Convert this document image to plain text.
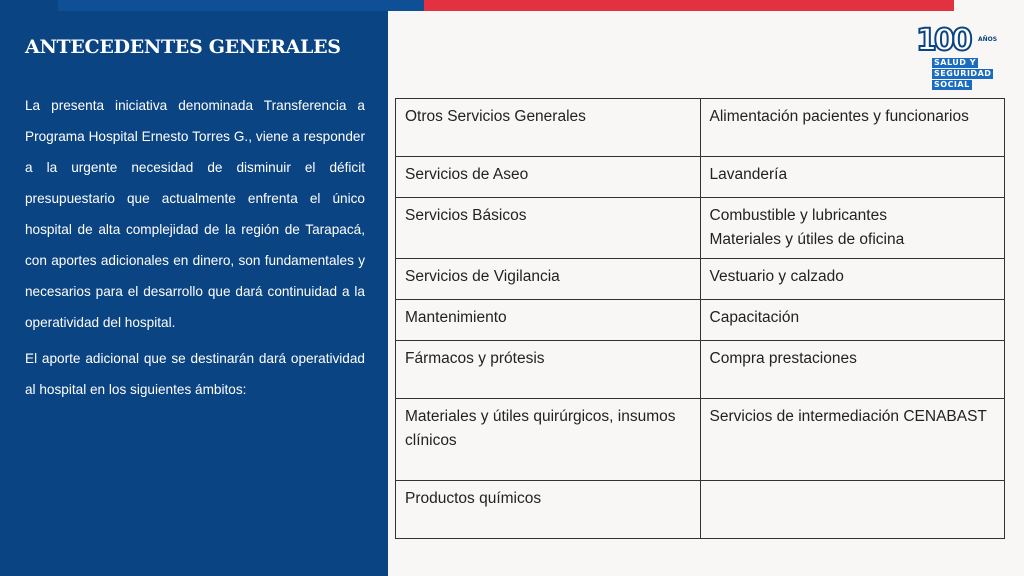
ANTECEDENTES GENERALES

La presenta iniciativa denominada Transferencia a Programa Hospital Ernesto Torres G., viene a responder a la urgente necesidad de disminuir el déficit presupuestario que actualmente enfrenta el único hospital de alta complejidad de la región de Tarapacá, con aportes adicionales en dinero, son fundamentales y necesarios para el desarrollo que dará continuidad a la operatividad del hospital.

El aporte adicional que se destinarán dará operatividad al hospital en los siguientes ámbitos:

100 AÑOS
SALUD Y
SEGURIDAD
SOCIAL
Otros Servicios Generales	Alimentación pacientes y funcionarios
Servicios de Aseo	Lavandería
Servicios Básicos	Combustible y lubricantes
Materiales y útiles de oficina
Servicios de Vigilancia	Vestuario y calzado
Mantenimiento	Capacitación
Fármacos y prótesis	Compra prestaciones
Materiales y útiles quirúrgicos, insumos clínicos	Servicios de intermediación CENABAST
Productos químicos	
